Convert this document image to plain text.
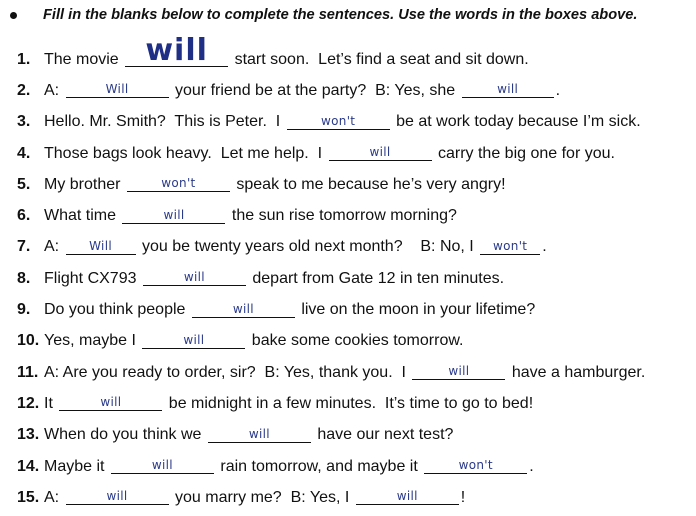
Fill in the blanks below to complete the sentences. Use the words in the boxes above.
1. The movie will	start soon.  Let’s find a seat and sit down.
2. A:	Will	your friend be at the party?  B: Yes, she	will	.
3. Hello. Mr. Smith?  This is Peter.  I	won't	be at work today because I’m sick.
4. Those bags look heavy.  Let me help.  I	will	carry the big one for you.
5. My brother	won't	speak to me because he’s very angry!
6. What time	will	the sun rise tomorrow morning?
7. A:	Will	you be twenty years old next month?    B: No, I	won't .
8. Flight CX793	will	depart from Gate 12 in ten minutes.
9. Do you think people	will	live on the moon in your lifetime?
10. Yes, maybe I	will	bake some cookies tomorrow.
11. A: Are you ready to order, sir?  B: Yes, thank you.  I	will	have a hamburger.
12. It	will	be midnight in a few minutes.  It’s time to go to bed!
13. When do you think we	will	have our next test?
14. Maybe it	will	rain tomorrow, and maybe it	won't	.
15. A:	will	you marry me?  B: Yes, I	will	!
